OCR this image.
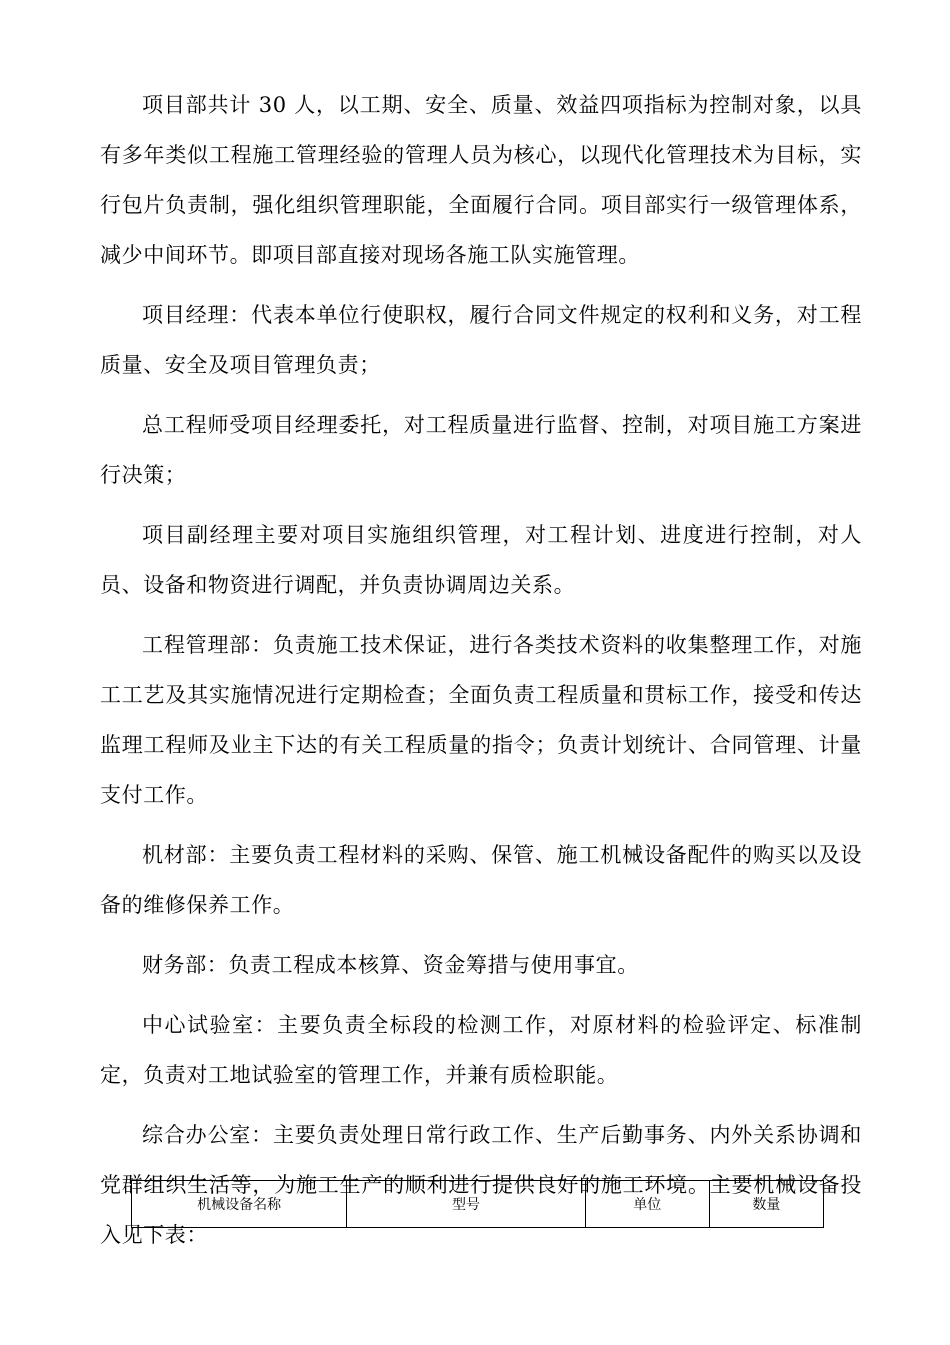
项目部共计 30 人，以工期、安全、质量、效益四项指标为控制对象，以具有多年类似工程施工管理经验的管理人员为核心，以现代化管理技术为目标，实行包片负责制，强化组织管理职能，全面履行合同。项目部实行一级管理体系，减少中间环节。即项目部直接对现场各施工队实施管理。

项目经理：代表本单位行使职权，履行合同文件规定的权利和义务，对工程质量、安全及项目管理负责；

总工程师受项目经理委托，对工程质量进行监督、控制，对项目施工方案进行决策；

项目副经理主要对项目实施组织管理，对工程计划、进度进行控制，对人员、设备和物资进行调配，并负责协调周边关系。

工程管理部：负责施工技术保证，进行各类技术资料的收集整理工作，对施工工艺及其实施情况进行定期检查；全面负责工程质量和贯标工作，接受和传达监理工程师及业主下达的有关工程质量的指令；负责计划统计、合同管理、计量支付工作。

机材部：主要负责工程材料的采购、保管、施工机械设备配件的购买以及设备的维修保养工作。

财务部：负责工程成本核算、资金筹措与使用事宜。

中心试验室：主要负责全标段的检测工作，对原材料的检验评定、标准制定，负责对工地试验室的管理工作，并兼有质检职能。

综合办公室：主要负责处理日常行政工作、生产后勤事务、内外关系协调和党群组织生活等，为施工生产的顺利进行提供良好的施工环境。主要机械设备投入见下表：

机械设备名称	型号	单位	数量
